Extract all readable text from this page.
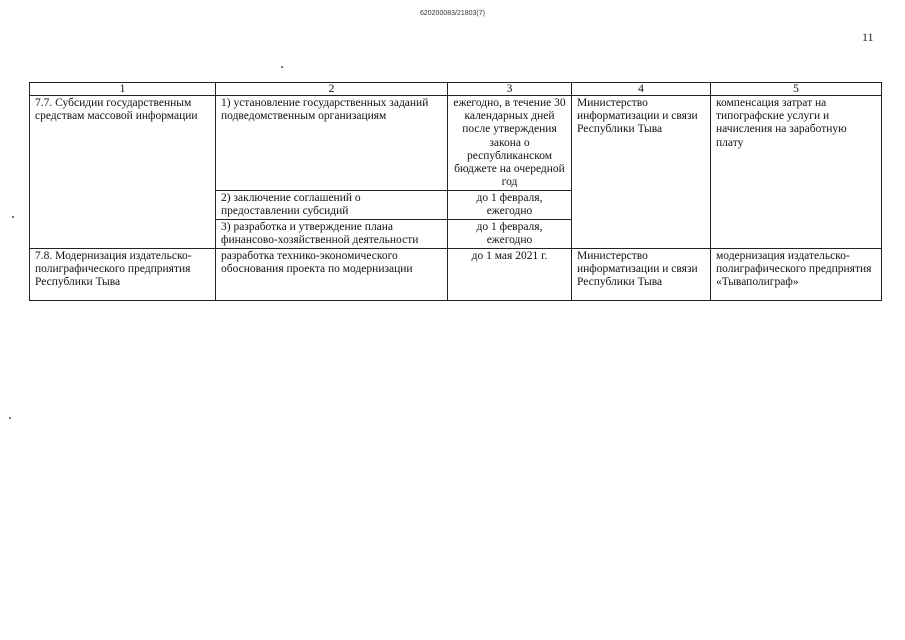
620200083/21803(7)
11
1	2	3	4	5
7.7. Субсидии государственным средствам массовой информации	1) установление государственных заданий подведомственным организациям	ежегодно, в течение 30 календарных дней после утверждения закона о республиканском бюджете на очередной год	Министерство информатизации и связи Республики Тыва	компенсация затрат на типографские услуги и начисления на заработную плату
	2) заключение соглашений о предоставлении субсидий	до 1 февраля, ежегодно		
	3) разработка и утверждение плана финансово-хозяйственной деятельности	до 1 февраля, ежегодно		
7.8. Модернизация издательско-полиграфического предприятия Республики Тыва	разработка технико-экономического обоснования проекта по модернизации	до 1 мая 2021 г.	Министерство информатизации и связи Республики Тыва	модернизация издательско-полиграфического предприятия «Тываполиграф»
